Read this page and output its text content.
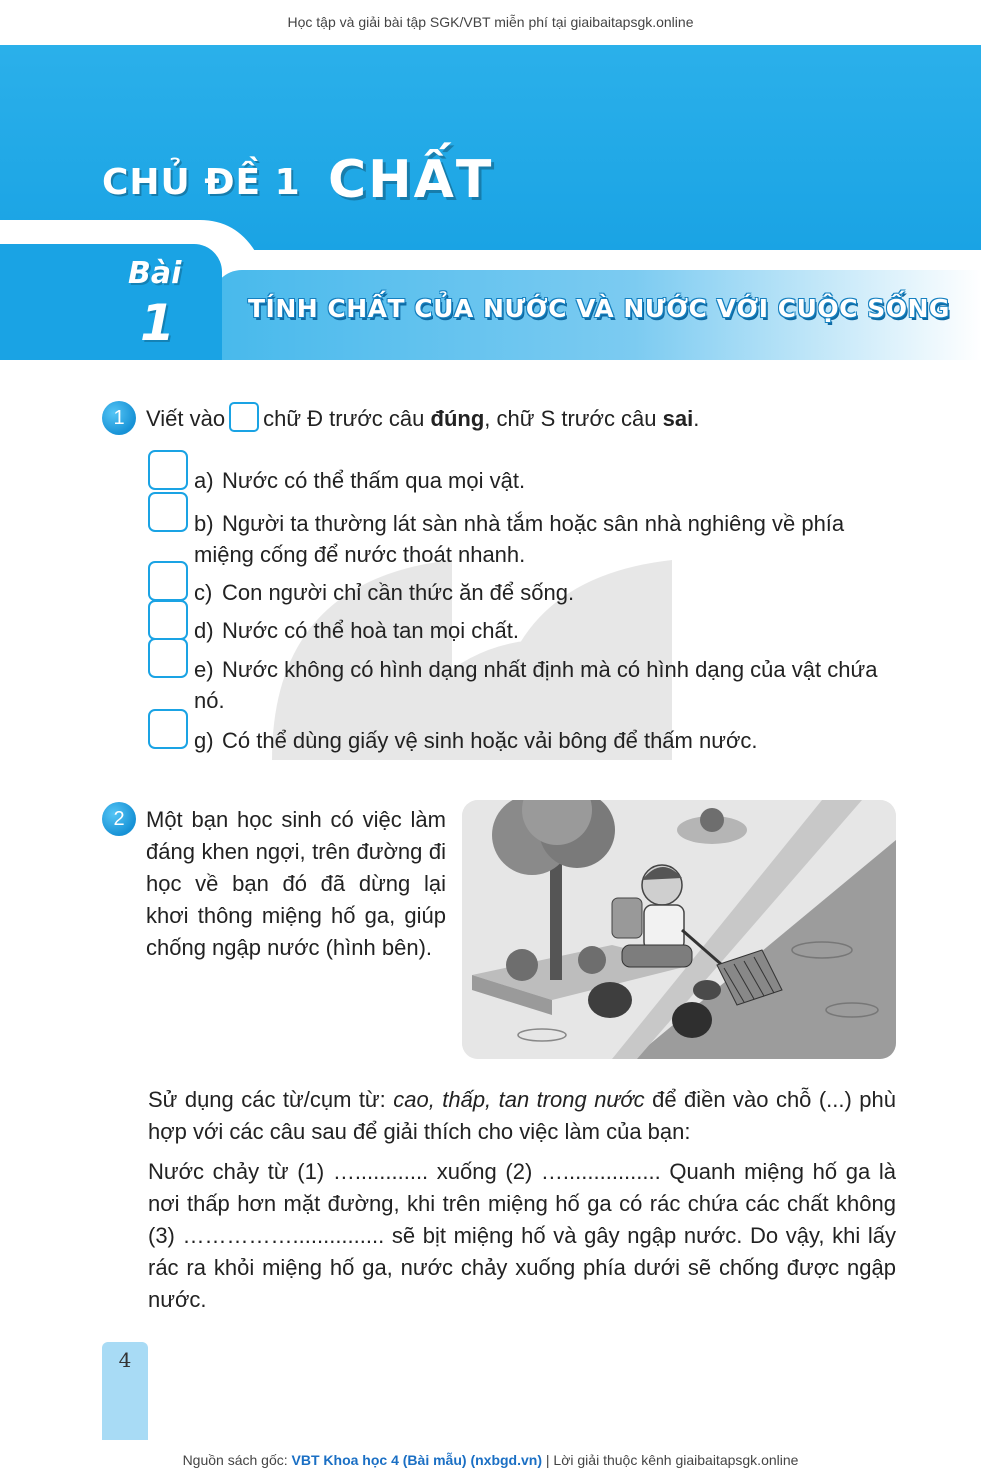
Học tập và giải bài tập SGK/VBT miễn phí tại giaibaitapsgk.online
CHỦ ĐỀ 1 CHẤT
Bài
1	TÍNH CHẤT CỦA NƯỚC VÀ NƯỚC VỚI CUỘC SỐNG
1 Viết vào chữ Đ trước câu đúng, chữ S trước câu sai.
a) Nước có thể thấm qua mọi vật.
b) Người ta thường lát sàn nhà tắm hoặc sân nhà nghiêng về phía miệng cống để nước thoát nhanh.
c) Con người chỉ cần thức ăn để sống.
d) Nước có thể hoà tan mọi chất.
e) Nước không có hình dạng nhất định mà có hình dạng của vật chứa nó.
g) Có thể dùng giấy vệ sinh hoặc vải bông để thấm nước.
2 Một bạn học sinh có việc làm đáng khen ngợi, trên đường đi học về bạn đó đã dừng lại khơi thông miệng hố ga, giúp chống ngập nước (hình bên).
Sử dụng các từ/cụm từ: cao, thấp, tan trong nước để điền vào chỗ (...) phù hợp với các câu sau để giải thích cho việc làm của bạn:
Nước chảy từ (1) …............ xuống (2) …................ Quanh miệng hố ga là nơi thấp hơn mặt đường, khi trên miệng hố ga có rác chứa các chất không (3) ……………............... sẽ bịt miệng hố và gây ngập nước. Do vậy, khi lấy rác ra khỏi miệng hố ga, nước chảy xuống phía dưới sẽ chống được ngập nước.
4
Nguồn sách gốc: VBT Khoa học 4 (Bài mẫu) (nxbgd.vn) | Lời giải thuộc kênh giaibaitapsgk.online
